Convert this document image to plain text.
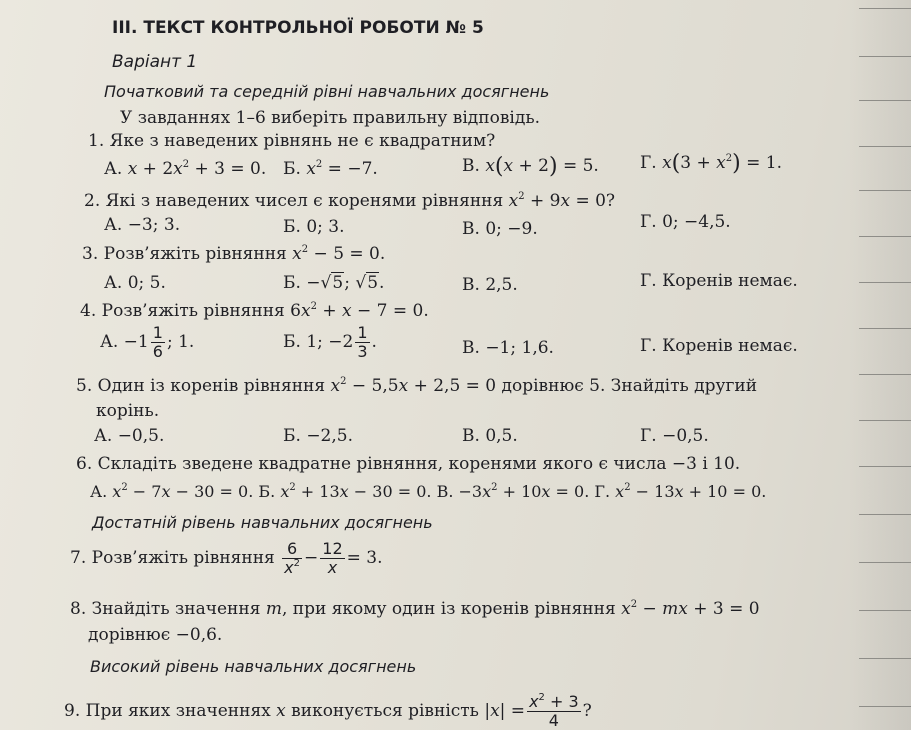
ІІІ. ТЕКСТ КОНТРОЛЬНОЇ РОБОТИ № 5
Варіант 1
Початковий та середній рівні навчальних досягнень
У завданнях 1–6 виберіть правильну відповідь.
1. Яке з наведених рівнянь не є квадратним?
А. $x + 2x^2 + 3 = 0$. Б. $x^2 = -7$.	В. x(x + 2) = 5. Г. $x(3 + x^2) = 1$.
2. Які з наведених чисел є коренями рівняння $x^2 + 9x = 0$?
А. −3; 3.	Б. 0; 3.	В. 0; −9.	Г. 0; −4,5.
3. Розв’яжіть рівняння $x^2 - 5 = 0$.
А. 0; 5.	Б. −√5; √5.	В. 2,5.	Г. Коренів немає.
4. Розв’яжіть рівняння $6x^2 + x - 7 = 0$.
А. $-1 \frac{1}{6}$ ; 1.	Б. 1; $-2 \frac{1}{3}$ .	В. −1; 1,6.	Г. Коренів немає.
5. Один із коренів рівняння $x^2 - 5,5x + 2,5 = 0$ дорівнює 5. Знайдіть другий
корінь.
А. −0,5.	Б. −2,5.	В. 0,5.	Г. −0,5.
6. Складіть зведене квадратне рівняння, коренями якого є числа −3 і 10.
А. $x^2 - 7x - 30 = 0$. Б. $x^2 + 13x - 30 = 0$. В. $-3x^2 + 10x = 0$. Г. $x^2 - 13x + 10 = 0$.
Достатній рівень навчальних досягнень
7. Розв’яжіть рівняння $\frac{6}{x^2} - \frac{12}{x} = 3$.
8. Знайдіть значення m, при якому один із коренів рівняння $x^2$ − mx + 3 = 0
дорівнює −0,6.
Високий рівень навчальних досягнень
9. При яких значеннях x виконується рівність $|x| = \frac{x^2 + 3}{4}$ ?
